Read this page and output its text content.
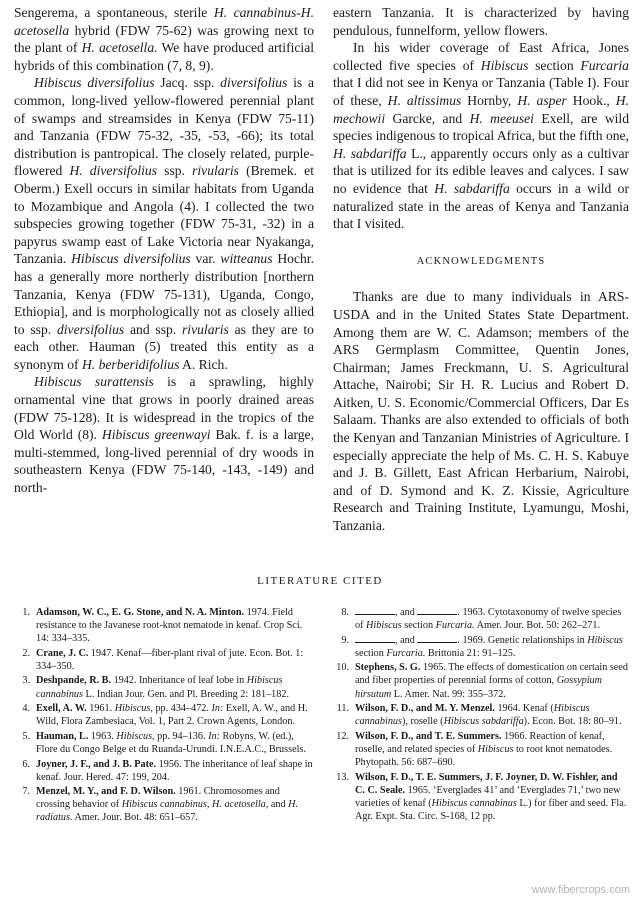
Sengerema, a spontaneous, sterile H. cannabinus-H. acetosella hybrid (FDW 75-62) was growing next to the plant of H. acetosella. We have produced artificial hybrids of this combination (7, 8, 9).

Hibiscus diversifolius Jacq. ssp. diversifolius is a common, long-lived yellow-flowered perennial plant of swamps and streamsides in Kenya (FDW 75-11) and Tanzania (FDW 75-32, -35, -53, -66); its total distribution is pantropical. The closely related, purple-flowered H. diversifolius ssp. rivularis (Bremek. et Oberm.) Exell occurs in similar habitats from Uganda to Mozambique and Angola (4). I collected the two subspecies growing together (FDW 75-31, -32) in a papyrus swamp east of Lake Victoria near Nyakanga, Tanzania. Hibiscus diversifolius var. witteanus Hochr. has a generally more northerly distribution [northern Tanzania, Kenya (FDW 75-131), Uganda, Congo, Ethiopia], and is morphologically not as closely allied to ssp. diversifolius and ssp. rivularis as they are to each other. Hauman (5) treated this entity as a synonym of H. berberidifolius A. Rich.

Hibiscus surattensis is a sprawling, highly ornamental vine that grows in poorly drained areas (FDW 75-128). It is widespread in the tropics of the Old World (8). Hibiscus greenwayi Bak. f. is a large, multi-stemmed, long-lived perennial of dry woods in southeastern Kenya (FDW 75-140, -143, -149) and north-

eastern Tanzania. It is characterized by having pendulous, funnelform, yellow flowers.

In his wider coverage of East Africa, Jones collected five species of Hibiscus section Furcaria that I did not see in Kenya or Tanzania (Table I). Four of these, H. altissimus Hornby, H. asper Hook., H. mechowii Garcke, and H. meeusei Exell, are wild species indigenous to tropical Africa, but the fifth one, H. sabdariffa L., apparently occurs only as a cultivar that is utilized for its edible leaves and calyces. I saw no evidence that H. sabdariffa occurs in a wild or naturalized state in the areas of Kenya and Tanzania that I visited.

ACKNOWLEDGMENTS

Thanks are due to many individuals in ARS-USDA and in the United States State Department. Among them are W. C. Adamson; members of the ARS Germplasm Committee, Quentin Jones, Chairman; James Freckmann, U. S. Agricultural Attache, Nairobi; Sir H. R. Lucius and Robert D. Aitken, U. S. Economic/Commercial Officers, Dar Es Salaam. Thanks are also extended to officials of both the Kenyan and Tanzanian Ministries of Agriculture. I especially appreciate the help of Ms. C. H. S. Kabuye and J. B. Gillett, East African Herbarium, Nairobi, and of D. Symond and K. Z. Kissie, Agriculture Research and Training Institute, Lyamungu, Moshi, Tanzania.

LITERATURE CITED
1. Adamson, W. C., E. G. Stone, and N. A. Minton. 1974. Field resistance to the Javanese root-knot nematode in kenaf. Crop Sci. 14: 334–335.
2. Crane, J. C. 1947. Kenaf—fiber-plant rival of jute. Econ. Bot. 1: 334–350.
3. Deshpande, R. B. 1942. Inheritance of leaf lobe in Hibiscus cannabinus L. Indian Jour. Gen. and Pl. Breeding 2: 181–182.
4. Exell, A. W. 1961. Hibiscus, pp. 434–472. In: Exell, A. W., and H. Wild, Flora Zambesiaca, Vol. 1, Part 2. Crown Agents, London.
5. Hauman, L. 1963. Hibiscus, pp. 94–136. In: Robyns, W. (ed.), Flore du Congo Belge et du Ruanda-Urundi. I.N.E.A.C., Brussels.
6. Joyner, J. F., and J. B. Pate. 1956. The inheritance of leaf shape in kenaf. Jour. Hered. 47: 199, 204.
7. Menzel, M. Y., and F. D. Wilson. 1961. Chromosomes and crossing behavior of Hibiscus cannabinus, H. acetosella, and H. radiatus. Amer. Jour. Bot. 48: 651–657.
8.	, and	. 1963. Cytotaxonomy of twelve species of Hibiscus section Furcaria. Amer. Jour. Bot. 50: 262–271.
9.	, and	. 1969. Genetic relationships in Hibiscus section Furcaria. Brittonia 21: 91–125.
10. Stephens, S. G. 1965. The effects of domestication on certain seed and fiber properties of perennial forms of cotton, Gossypium hirsutum L. Amer. Nat. 99: 355–372.
11. Wilson, F. D., and M. Y. Menzel. 1964. Kenaf (Hibiscus cannabinus), roselle (Hibiscus sabdariffa). Econ. Bot. 18: 80–91.
12. Wilson, F. D., and T. E. Summers. 1966. Reaction of kenaf, roselle, and related species of Hibiscus to root knot nematodes. Phytopath. 56: 687–690.
13. Wilson, F. D., T. E. Summers, J. F. Joyner, D. W. Fishler, and C. C. Seale. 1965. ‘Everglades 41’ and ‘Everglades 71,’ two new varieties of kenaf (Hibiscus cannabinus L.) for fiber and seed. Fla. Agr. Expt. Sta. Circ. S-168, 12 pp.
www.fibercrops.com
